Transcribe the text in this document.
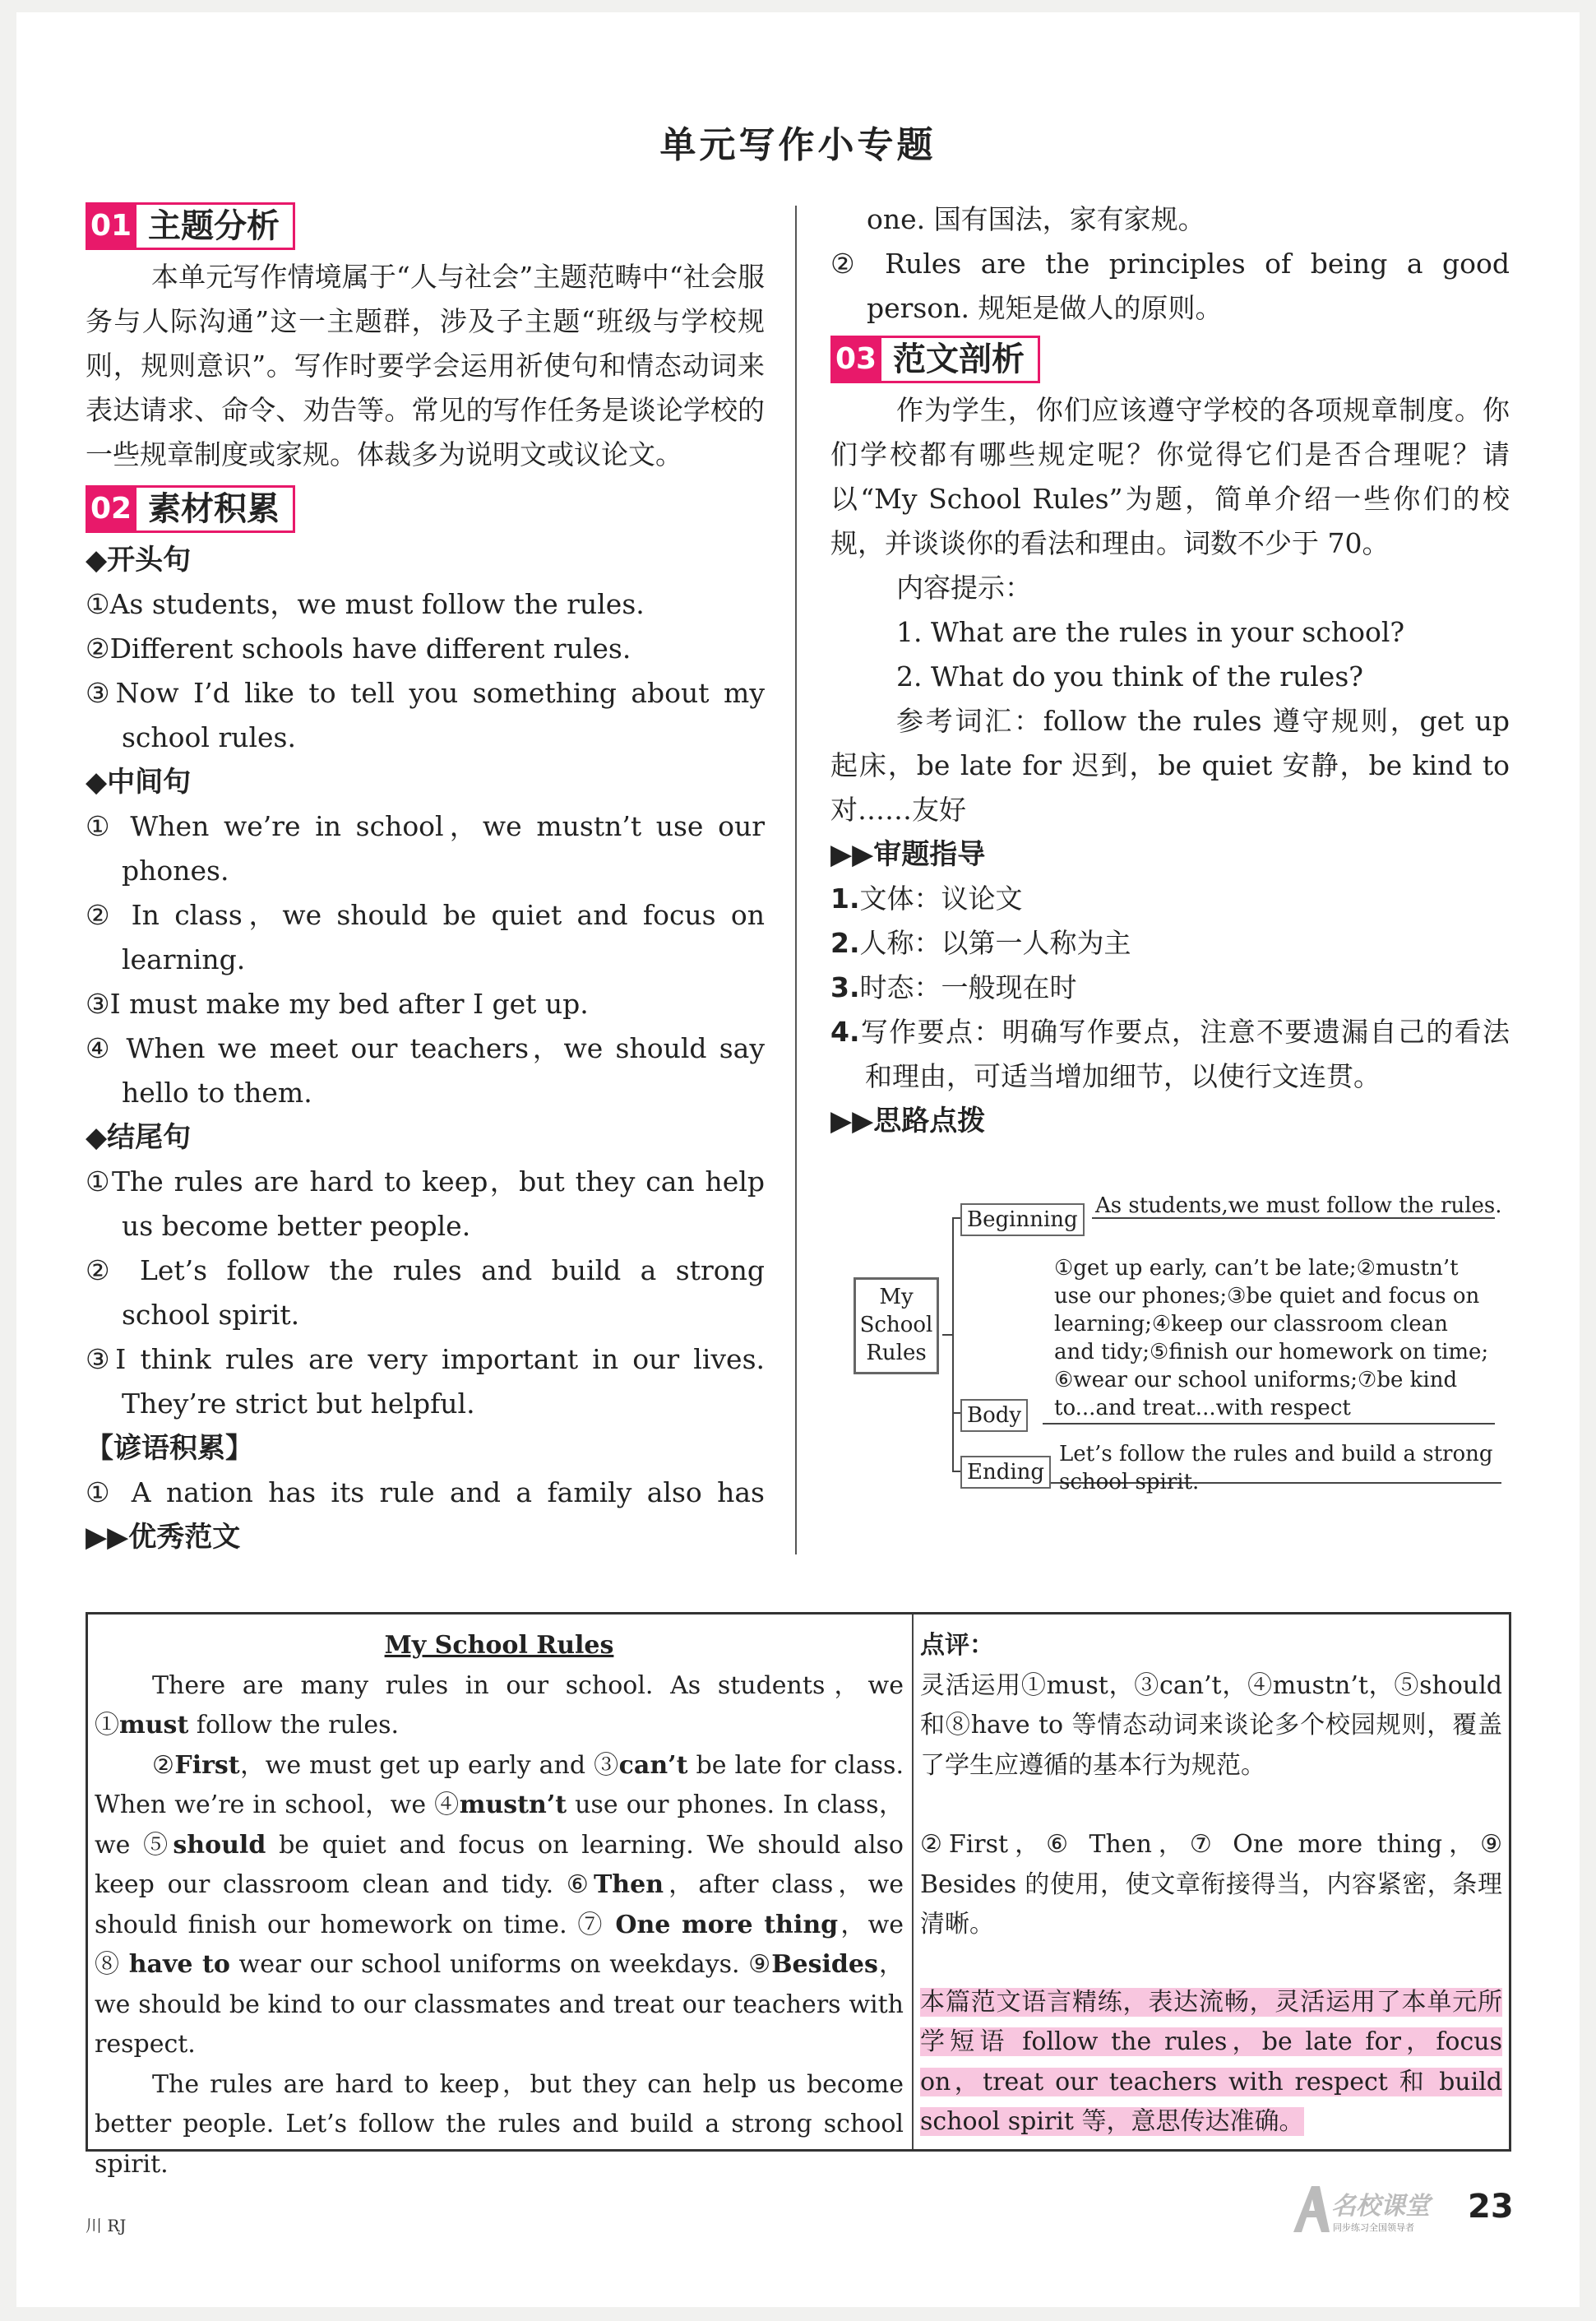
单元写作小专题
01 主题分析

本单元写作情境属于“人与社会”主题范畴中“社会服务与人际沟通”这一主题群，涉及子主题“班级与学校规则，规则意识”。写作时要学会运用祈使句和情态动词来表达请求、命令、劝告等。常见的写作任务是谈论学校的一些规章制度或家规。体裁多为说明文或议论文。

02 素材积累

◆开头句

①As students，we must follow the rules.

②Different schools have different rules.

③Now I’d like to tell you something about my school rules.

◆中间句

① When we’re in school，we mustn’t use our phones.

② In class，we should be quiet and focus on learning.

③I must make my bed after I get up.

④ When we meet our teachers，we should say hello to them.

◆结尾句

①The rules are hard to keep，but they can help us become better people.

② Let’s follow the rules and build a strong school spirit.

③I think rules are very important in our lives. They’re strict but helpful.

【谚语积累】

① A nation has its rule and a family also has

▶▶优秀范文

one. 国有国法，家有家规。

② Rules are the principles of being a good person. 规矩是做人的原则。

03 范文剖析

作为学生，你们应该遵守学校的各项规章制度。你们学校都有哪些规定呢？你觉得它们是否合理呢？请以“My School Rules”为题，简单介绍一些你们的校规，并谈谈你的看法和理由。词数不少于 70。

内容提示：

1. What are the rules in your school?

2. What do you think of the rules?

参考词汇：follow the rules 遵守规则，get up 起床，be late for 迟到，be quiet 安静，be kind to 对……友好

▶▶审题指导

1.文体：议论文

2.人称：以第一人称为主

3.时态：一般现在时

4.写作要点：明确写作要点，注意不要遗漏自己的看法和理由，可适当增加细节，以使行文连贯。

▶▶思路点拨

My
School
Rules
Beginning
As students,we must follow the rules.
Body
①get up early, can’t be late;②mustn’t
use our phones;③be quiet and focus on
learning;④keep our classroom clean
and tidy;⑤finish our homework on time;
⑥wear our school uniforms;⑦be kind
to...and treat...with respect
Ending
Let’s follow the rules and build a strong
school spirit.

My School Rules

There are many rules in our school. As students，we ①must follow the rules.

②First，we must get up early and ③can’t be late for class. When we’re in school，we ④mustn’t use our phones. In class，we ⑤should be quiet and focus on learning. We should also keep our classroom clean and tidy. ⑥Then，after class，we should finish our homework on time. ⑦ One more thing，we ⑧ have to wear our school uniforms on weekdays. ⑨Besides，we should be kind to our classmates and treat our teachers with respect.

The rules are hard to keep，but they can help us become better people. Let’s follow the rules and build a strong school spirit.

点评：

灵活运用①must，③can’t，④mustn’t，⑤should和⑧have to 等情态动词来谈论多个校园规则，覆盖了学生应遵循的基本行为规范。

②First，⑥ Then，⑦ One more thing，⑨ Besides 的使用，使文章衔接得当，内容紧密，条理清晰。

本篇范文语言精练，表达流畅，灵活运用了本单元所学短语 follow the rules，be late for，focus on，treat our teachers with respect 和 build school spirit 等，意思传达准确。

川 RJ
名校课堂
同步练习全国领导者
23
